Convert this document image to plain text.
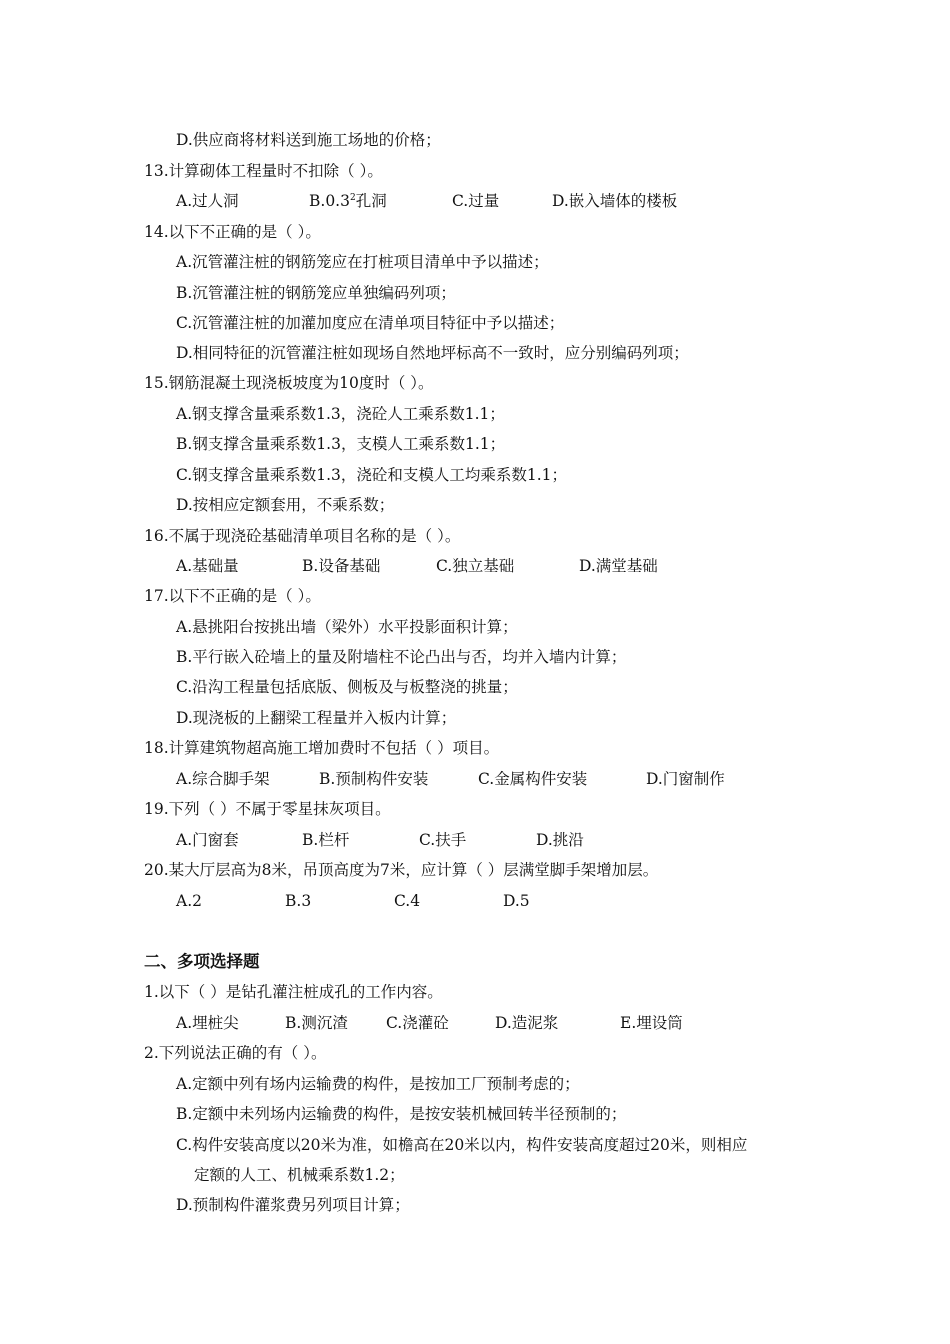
D.供应商将材料送到施工场地的价格；
13.计算砌体工程量时不扣除（ ）。
A.过人洞	B.0.3$^2$孔洞	C.过量	D.嵌入墙体的楼板
14.以下不正确的是（ ）。
A.沉管灌注桩的钢筋笼应在打桩项目清单中予以描述；
B.沉管灌注桩的钢筋笼应单独编码列项；
C.沉管灌注桩的加灌加度应在清单项目特征中予以描述；
D.相同特征的沉管灌注桩如现场自然地坪标高不一致时，应分别编码列项；
15.钢筋混凝土现浇板坡度为10度时（ ）。
A.钢支撑含量乘系数1.3，浇砼人工乘系数1.1；
B.钢支撑含量乘系数1.3，支模人工乘系数1.1；
C.钢支撑含量乘系数1.3，浇砼和支模人工均乘系数1.1；
D.按相应定额套用，不乘系数；
16.不属于现浇砼基础清单项目名称的是（ ）。
A.基础量	B.设备基础	C.独立基础	D.满堂基础
17.以下不正确的是（ ）。
A.悬挑阳台按挑出墙（梁外）水平投影面积计算；
B.平行嵌入砼墙上的量及附墙柱不论凸出与否，均并入墙内计算；
C.沿沟工程量包括底版、侧板及与板整浇的挑量；
D.现浇板的上翻梁工程量并入板内计算；
18.计算建筑物超高施工增加费时不包括（ ）项目。
A.综合脚手架	B.预制构件安装	C.金属构件安装	D.门窗制作
19.下列（ ）不属于零星抹灰项目。
A.门窗套	B.栏杆	C.扶手	D.挑沿
20.某大厅层高为8米，吊顶高度为7米，应计算（ ）层满堂脚手架增加层。
A.2	B.3	C.4	D.5
二、多项选择题
1.以下（ ）是钻孔灌注桩成孔的工作内容。
A.埋桩尖	B.测沉渣 C.浇灌砼	D.造泥浆	E.埋设筒
2.下列说法正确的有（ ）。
A.定额中列有场内运输费的构件，是按加工厂预制考虑的；
B.定额中未列场内运输费的构件，是按安装机械回转半径预制的；
C.构件安装高度以20米为准，如檐高在20米以内，构件安装高度超过20米，则相应
定额的人工、机械乘系数1.2；
D.预制构件灌浆费另列项目计算；
